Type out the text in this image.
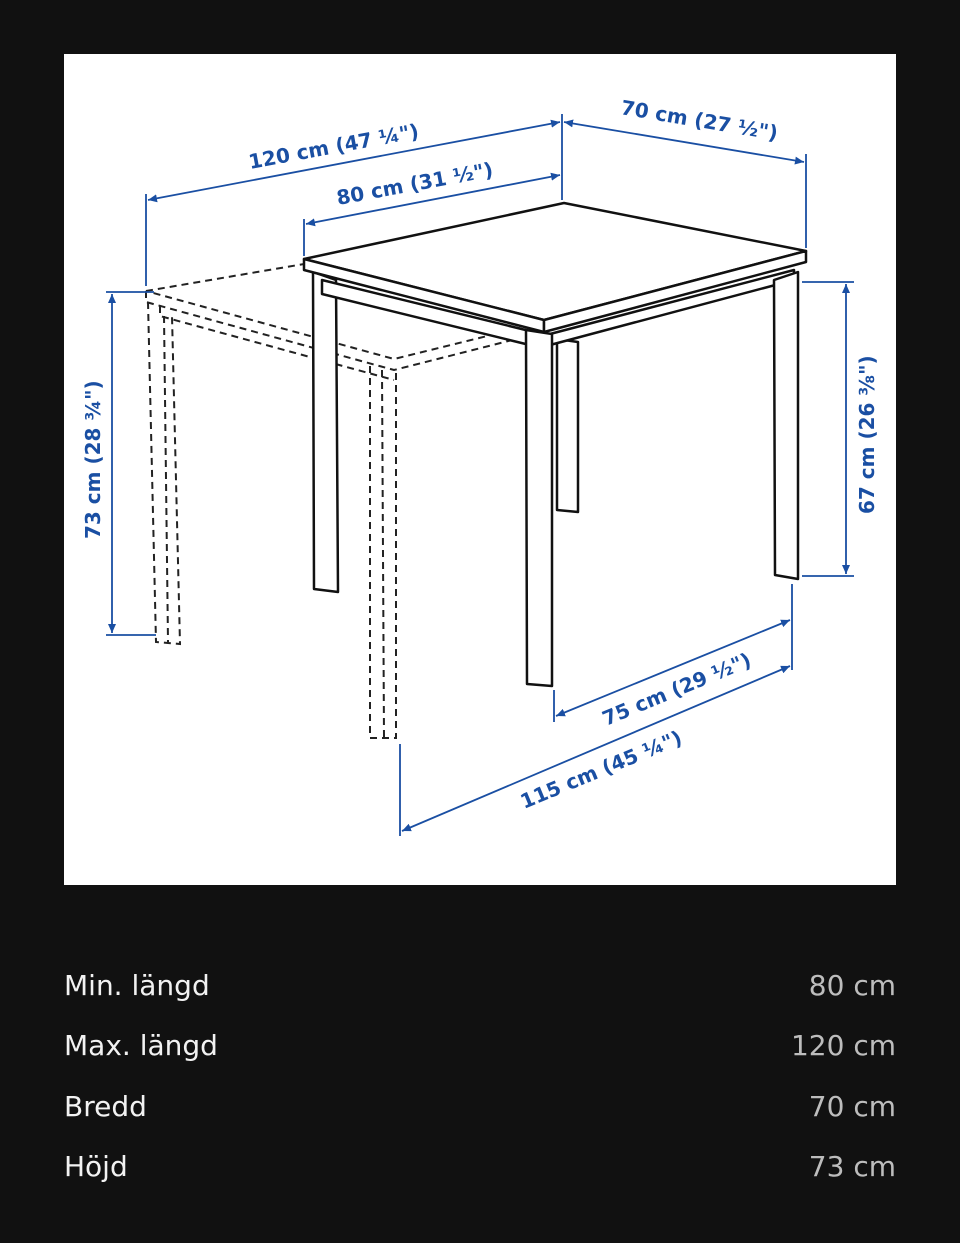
120 cm (47 ¼")
80 cm (31 ½")
70 cm (27 ½")
73 cm (28 ¾")	67 cm (26 ⅜")
75 cm (29 ½")
115 cm (45 ¼")
Min. längd	80 cm
Max. längd	120 cm
Bredd	70 cm
Höjd	73 cm
